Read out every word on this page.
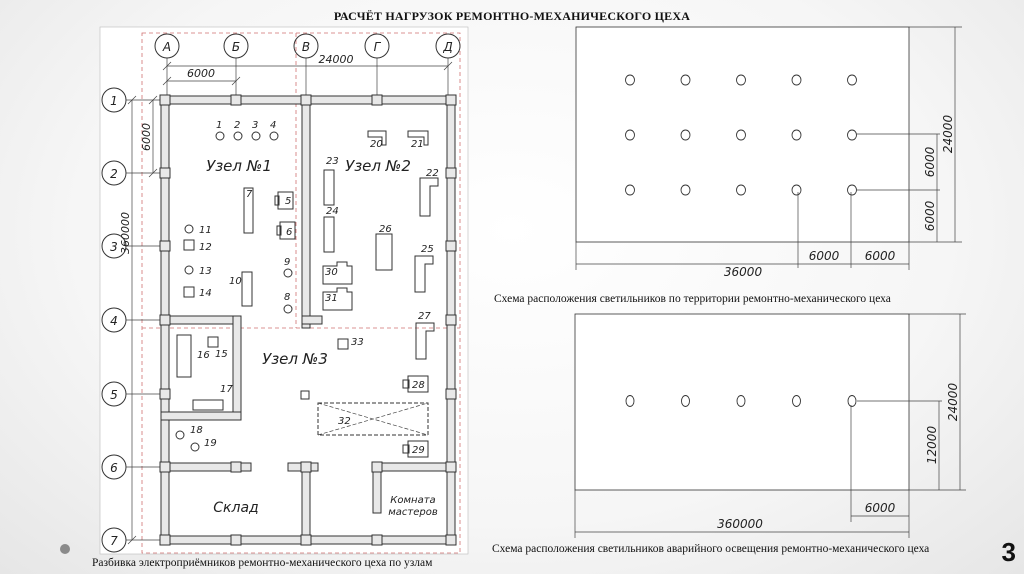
РАСЧЁТ НАГРУЗОК РЕМОНТНО-МЕХАНИЧЕСКОГО ЦЕХА
А	Б	В	Г	Д
6000
24000
1
2
3
4
5
6
7
6000
360000
Узел №1	Узел №2
Узел №3
Склад	Комната
мастеров
1 2 3 4
5
6
7
8
9
10
11
12
13
14
15
16
17
18
19
20	21
22
23
24
25
26
27
28
29
30
31
32
33
36000
6000 6000
24000
6000
6000
360000
6000
24000
12000
Схема расположения светильников по территории ремонтно-механического цеха
Схема расположения светильников аварийного освещения ремонтно-механического цеха
Разбивка электроприёмников ремонтно-механического цеха по узлам	3
